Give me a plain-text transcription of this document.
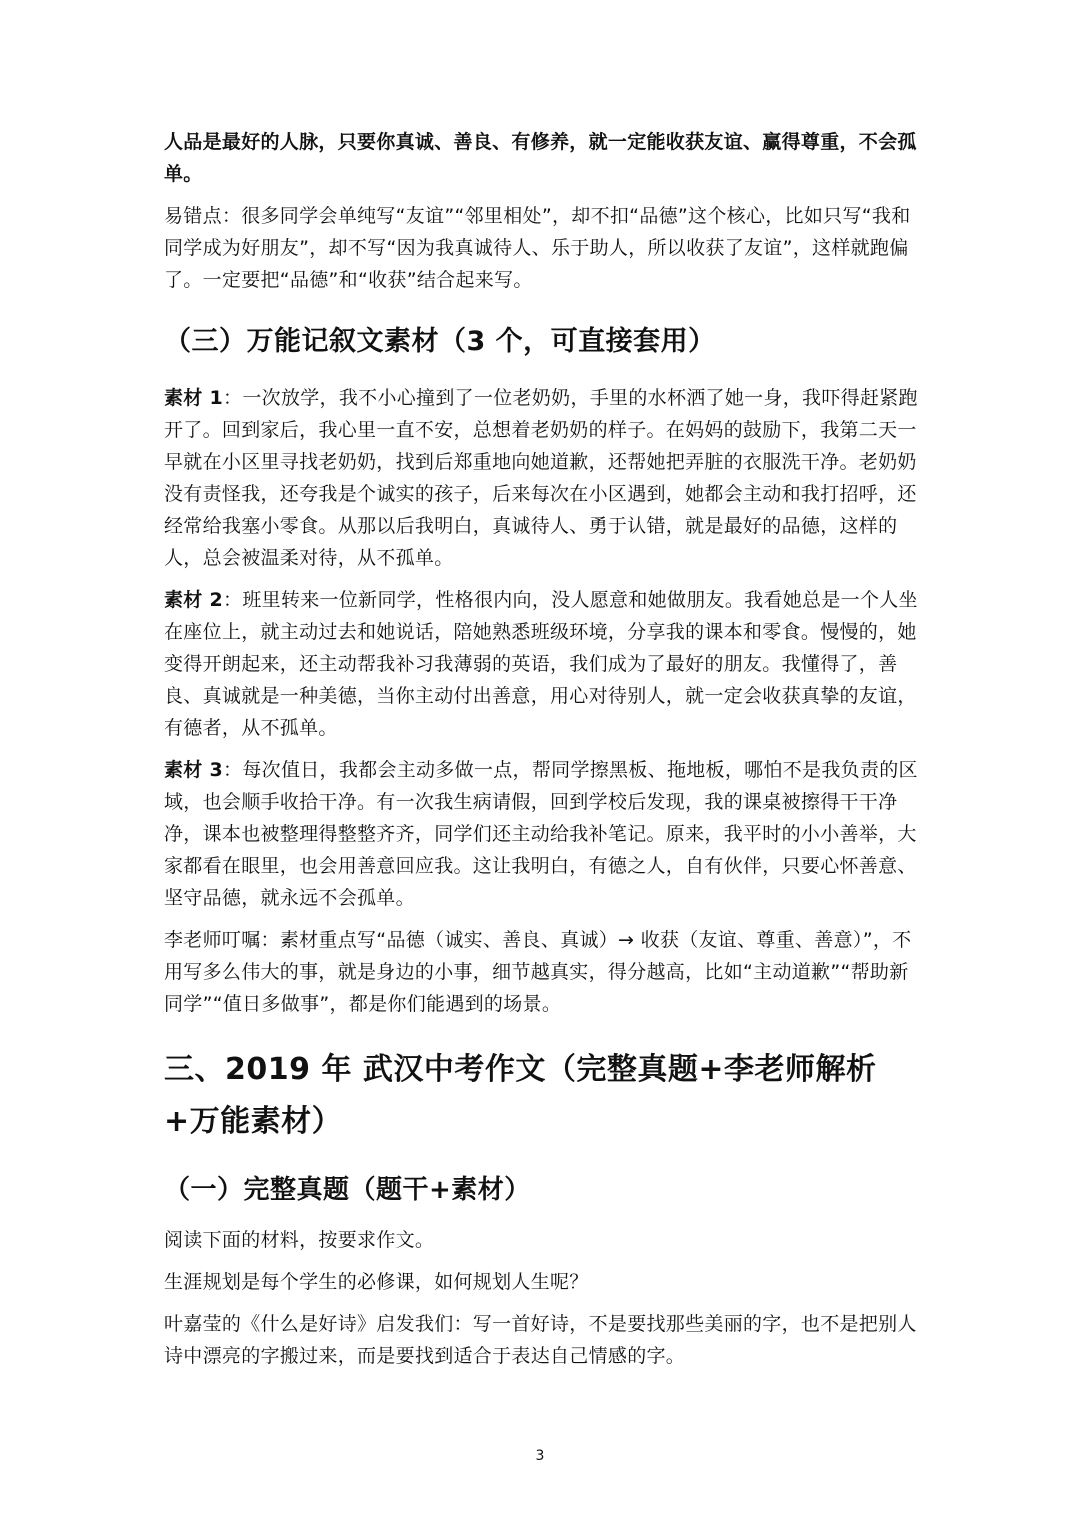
人品是最好的人脉，只要你真诚、善良、有修养，就一定能收获友谊、赢得尊重，不会孤单。

易错点：很多同学会单纯写“友谊”“邻里相处”，却不扣“品德”这个核心，比如只写“我和同学成为好朋友”，却不写“因为我真诚待人、乐于助人，所以收获了友谊”，这样就跑偏了。一定要把“品德”和“收获”结合起来写。

（三）万能记叙文素材（3 个，可直接套用）

素材 1：一次放学，我不小心撞到了一位老奶奶，手里的水杯洒了她一身，我吓得赶紧跑开了。回到家后，我心里一直不安，总想着老奶奶的样子。在妈妈的鼓励下，我第二天一早就在小区里寻找老奶奶，找到后郑重地向她道歉，还帮她把弄脏的衣服洗干净。老奶奶没有责怪我，还夸我是个诚实的孩子，后来每次在小区遇到，她都会主动和我打招呼，还经常给我塞小零食。从那以后我明白，真诚待人、勇于认错，就是最好的品德，这样的人，总会被温柔对待，从不孤单。

素材 2：班里转来一位新同学，性格很内向，没人愿意和她做朋友。我看她总是一个人坐在座位上，就主动过去和她说话，陪她熟悉班级环境，分享我的课本和零食。慢慢的，她变得开朗起来，还主动帮我补习我薄弱的英语，我们成为了最好的朋友。我懂得了，善良、真诚就是一种美德，当你主动付出善意，用心对待别人，就一定会收获真挚的友谊，有德者，从不孤单。

素材 3：每次值日，我都会主动多做一点，帮同学擦黑板、拖地板，哪怕不是我负责的区域，也会顺手收拾干净。有一次我生病请假，回到学校后发现，我的课桌被擦得干干净净，课本也被整理得整整齐齐，同学们还主动给我补笔记。原来，我平时的小小善举，大家都看在眼里，也会用善意回应我。这让我明白，有德之人，自有伙伴，只要心怀善意、坚守品德，就永远不会孤单。

李老师叮嘱：素材重点写“品德（诚实、善良、真诚）→ 收获（友谊、尊重、善意）”，不用写多么伟大的事，就是身边的小事，细节越真实，得分越高，比如“主动道歉”“帮助新同学”“值日多做事”，都是你们能遇到的场景。

三、2019 年 武汉中考作文（完整真题+李老师解析+万能素材）
（一）完整真题（题干+素材）

阅读下面的材料，按要求作文。

生涯规划是每个学生的必修课，如何规划人生呢？

叶嘉莹的《什么是好诗》启发我们：写一首好诗，不是要找那些美丽的字，也不是把别人诗中漂亮的字搬过来，而是要找到适合于表达自己情感的字。

3
